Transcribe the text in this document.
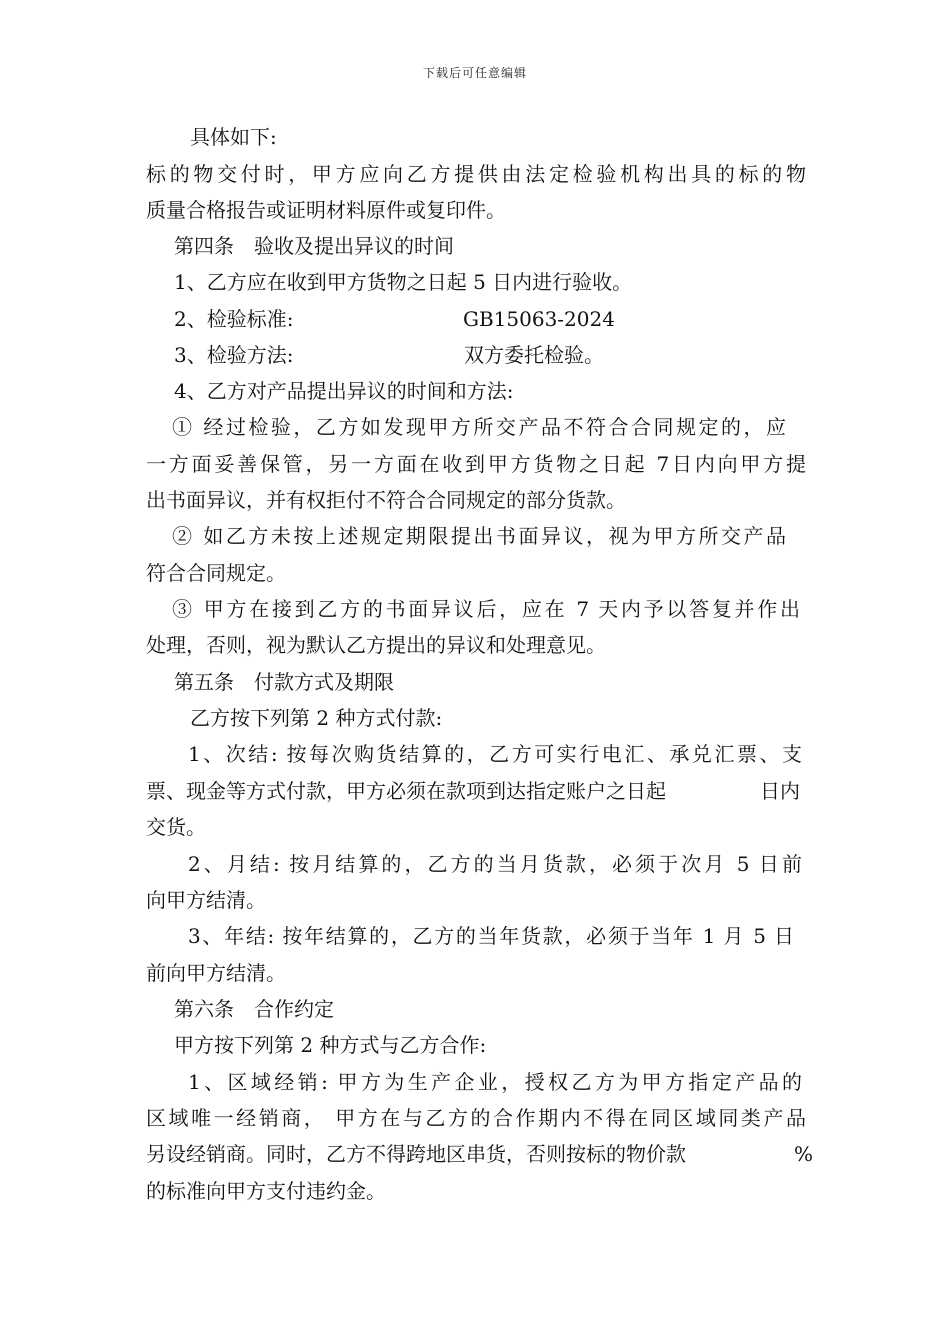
下载后可任意编辑

具体如下:

标的物交付时，甲方应向乙方提供由法定检验机构出具的标的物

质量合格报告或证明材料原件或复印件。

第四条　验收及提出异议的时间

1、乙方应在收到甲方货物之日起 5 日内进行验收。

2、检验标准:

	GB15063-2024

3、检验方法:

	双方委托检验。

4、乙方对产品提出异议的时间和方法:

① 经过检验，乙方如发现甲方所交产品不符合合同规定的，应
一方面妥善保管，另一方面在收到甲方货物之日起 7日内向甲方提

出书面异议，并有权拒付不符合合同规定的部分货款。

② 如乙方未按上述规定期限提出书面异议，视为甲方所交产品

符合合同规定。

③ 甲方在接到乙方的书面异议后，应在 7 天内予以答复并作出

处理，否则，视为默认乙方提出的异议和处理意见。

第五条　付款方式及期限

乙方按下列第 2 种方式付款:

1、次结: 按每次购货结算的，乙方可实行电汇、承兑汇票、支

票、现金等方式付款，甲方必须在款项到达指定账户之日起

	日内

交货。

2、月结: 按月结算的，乙方的当月货款，必须于次月 5 日前

向甲方结清。

3、年结: 按年结算的，乙方的当年货款，必须于当年 1 月 5 日

前向甲方结清。

第六条　合作约定

甲方按下列第 2 种方式与乙方合作:

1、区域经销: 甲方为生产企业，授权乙方为甲方指定产品的
区域唯一经销商， 甲方在与乙方的合作期内不得在同区域同类产品

另设经销商。同时，乙方不得跨地区串货，否则按标的物价款

	%

的标准向甲方支付违约金。
